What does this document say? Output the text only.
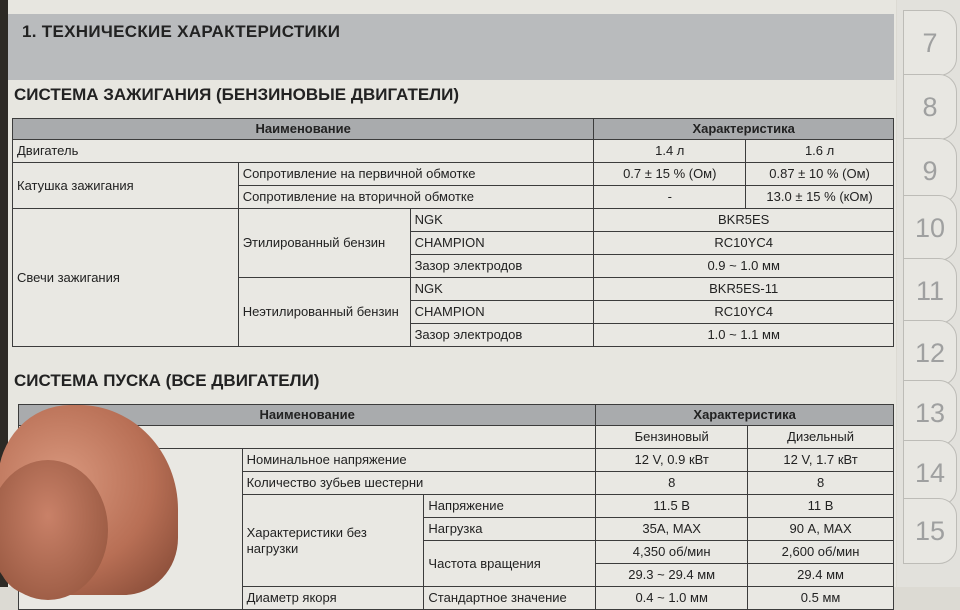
1. ТЕХНИЧЕСКИЕ ХАРАКТЕРИСТИКИ
СИСТЕМА ЗАЖИГАНИЯ (БЕНЗИНОВЫЕ ДВИГАТЕЛИ)
Наименование			Характеристика	
Двигатель			1.4 л	1.6 л
Катушка зажигания	Сопротивление на первичной обмотке		0.7 ± 15 % (Ом)	0.87 ± 10 % (Ом)
	Сопротивление на вторичной обмотке		-	13.0 ± 15 % (кОм)
Свечи зажигания	Этилированный бензин	NGK	BKR5ES	
		CHAMPION	RC10YC4	
		Зазор электродов	0.9 ~ 1.0 мм	
	Неэтилированный бензин	NGK	BKR5ES-11	
		CHAMPION	RC10YC4	
		Зазор электродов	1.0 ~ 1.1 мм	
СИСТЕМА ПУСКА (ВСЕ ДВИГАТЕЛИ)
Наименование			Характеристика	
	Бензиновый	Дизельный
	Номинальное напряжение		12 V, 0.9 кВт	12 V, 1.7 кВт
	Количество зубьев шестерни		8	8
	Характеристики без нагрузки	Напряжение	11.5 В	11 В
		Нагрузка	35А, MAX	90 А, MAX
		Частота вращения	4,350 об/мин	2,600 об/мин
			29.3 ~ 29.4 мм	29.4 мм
	Диаметр якоря	Стандартное значение	0.4 ~ 1.0 мм	0.5 мм
7
8
9
10
11
12
13
14
15
